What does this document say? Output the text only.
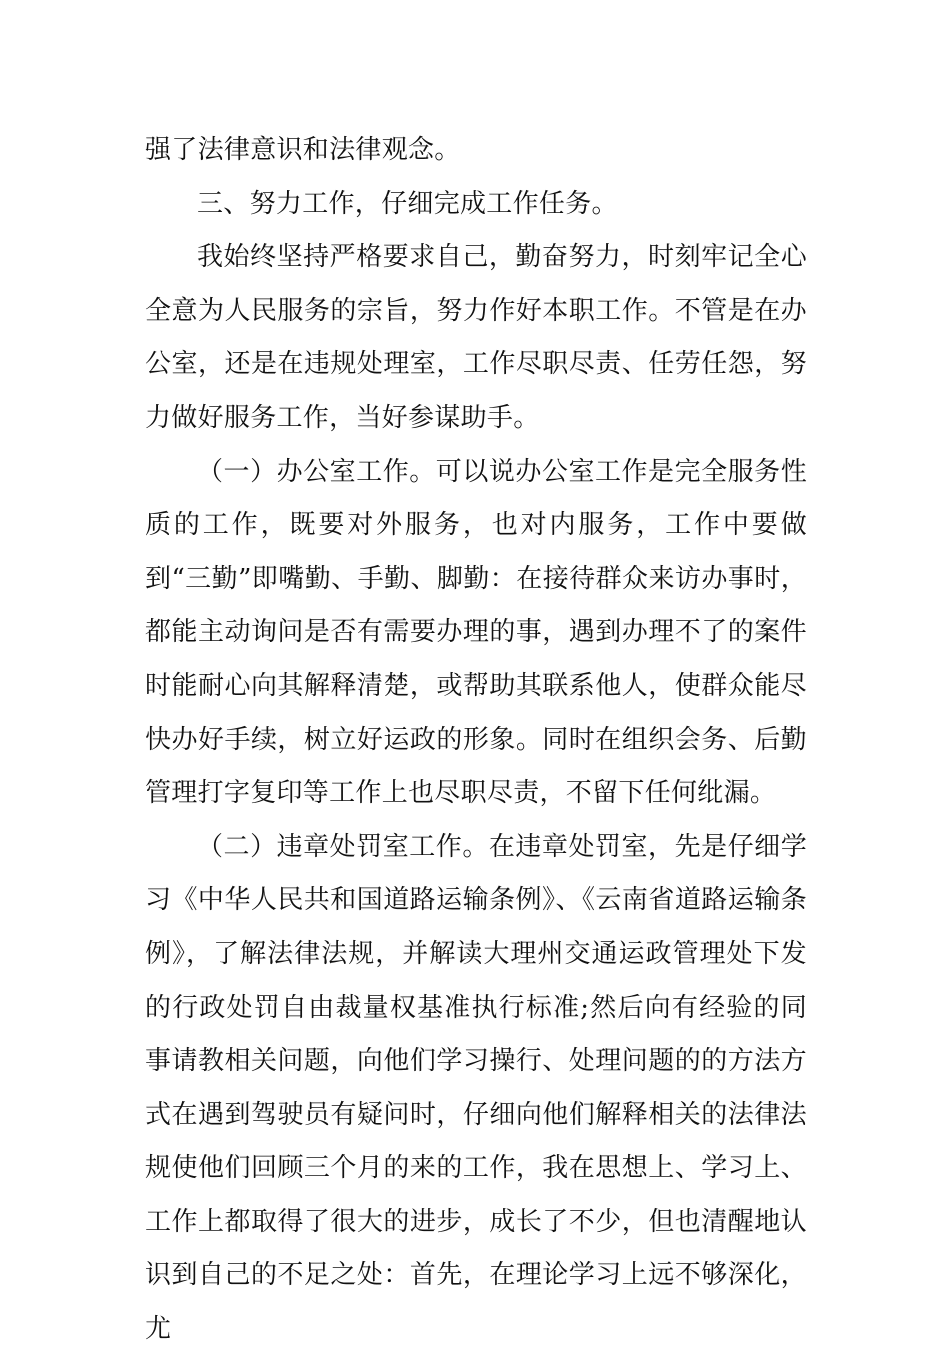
强了法律意识和法律观念。

三、努力工作，仔细完成工作任务。

我始终坚持严格要求自己，勤奋努力，时刻牢记全心全意为人民服务的宗旨，努力作好本职工作。不管是在办公室，还是在违规处理室，工作尽职尽责、任劳任怨，努力做好服务工作，当好参谋助手。

（一）办公室工作。可以说办公室工作是完全服务性质的工作，既要对外服务，也对内服务，工作中要做到“三勤”即嘴勤、手勤、脚勤：在接待群众来访办事时，都能主动询问是否有需要办理的事，遇到办理不了的案件时能耐心向其解释清楚，或帮助其联系他人，使群众能尽快办好手续，树立好运政的形象。同时在组织会务、后勤管理打字复印等工作上也尽职尽责，不留下任何纰漏。

（二）违章处罚室工作。在违章处罚室，先是仔细学习《中华人民共和国道路运输条例》、《云南省道路运输条例》，了解法律法规，并解读大理州交通运政管理处下发的行政处罚自由裁量权基准执行标准;然后向有经验的同事请教相关问题，向他们学习操行、处理问题的的方法方式在遇到驾驶员有疑问时，仔细向他们解释相关的法律法规使他们回顾三个月的来的工作，我在思想上、学习上、工作上都取得了很大的进步，成长了不少，但也清醒地认识到自己的不足之处：首先，在理论学习上远不够深化，尤
